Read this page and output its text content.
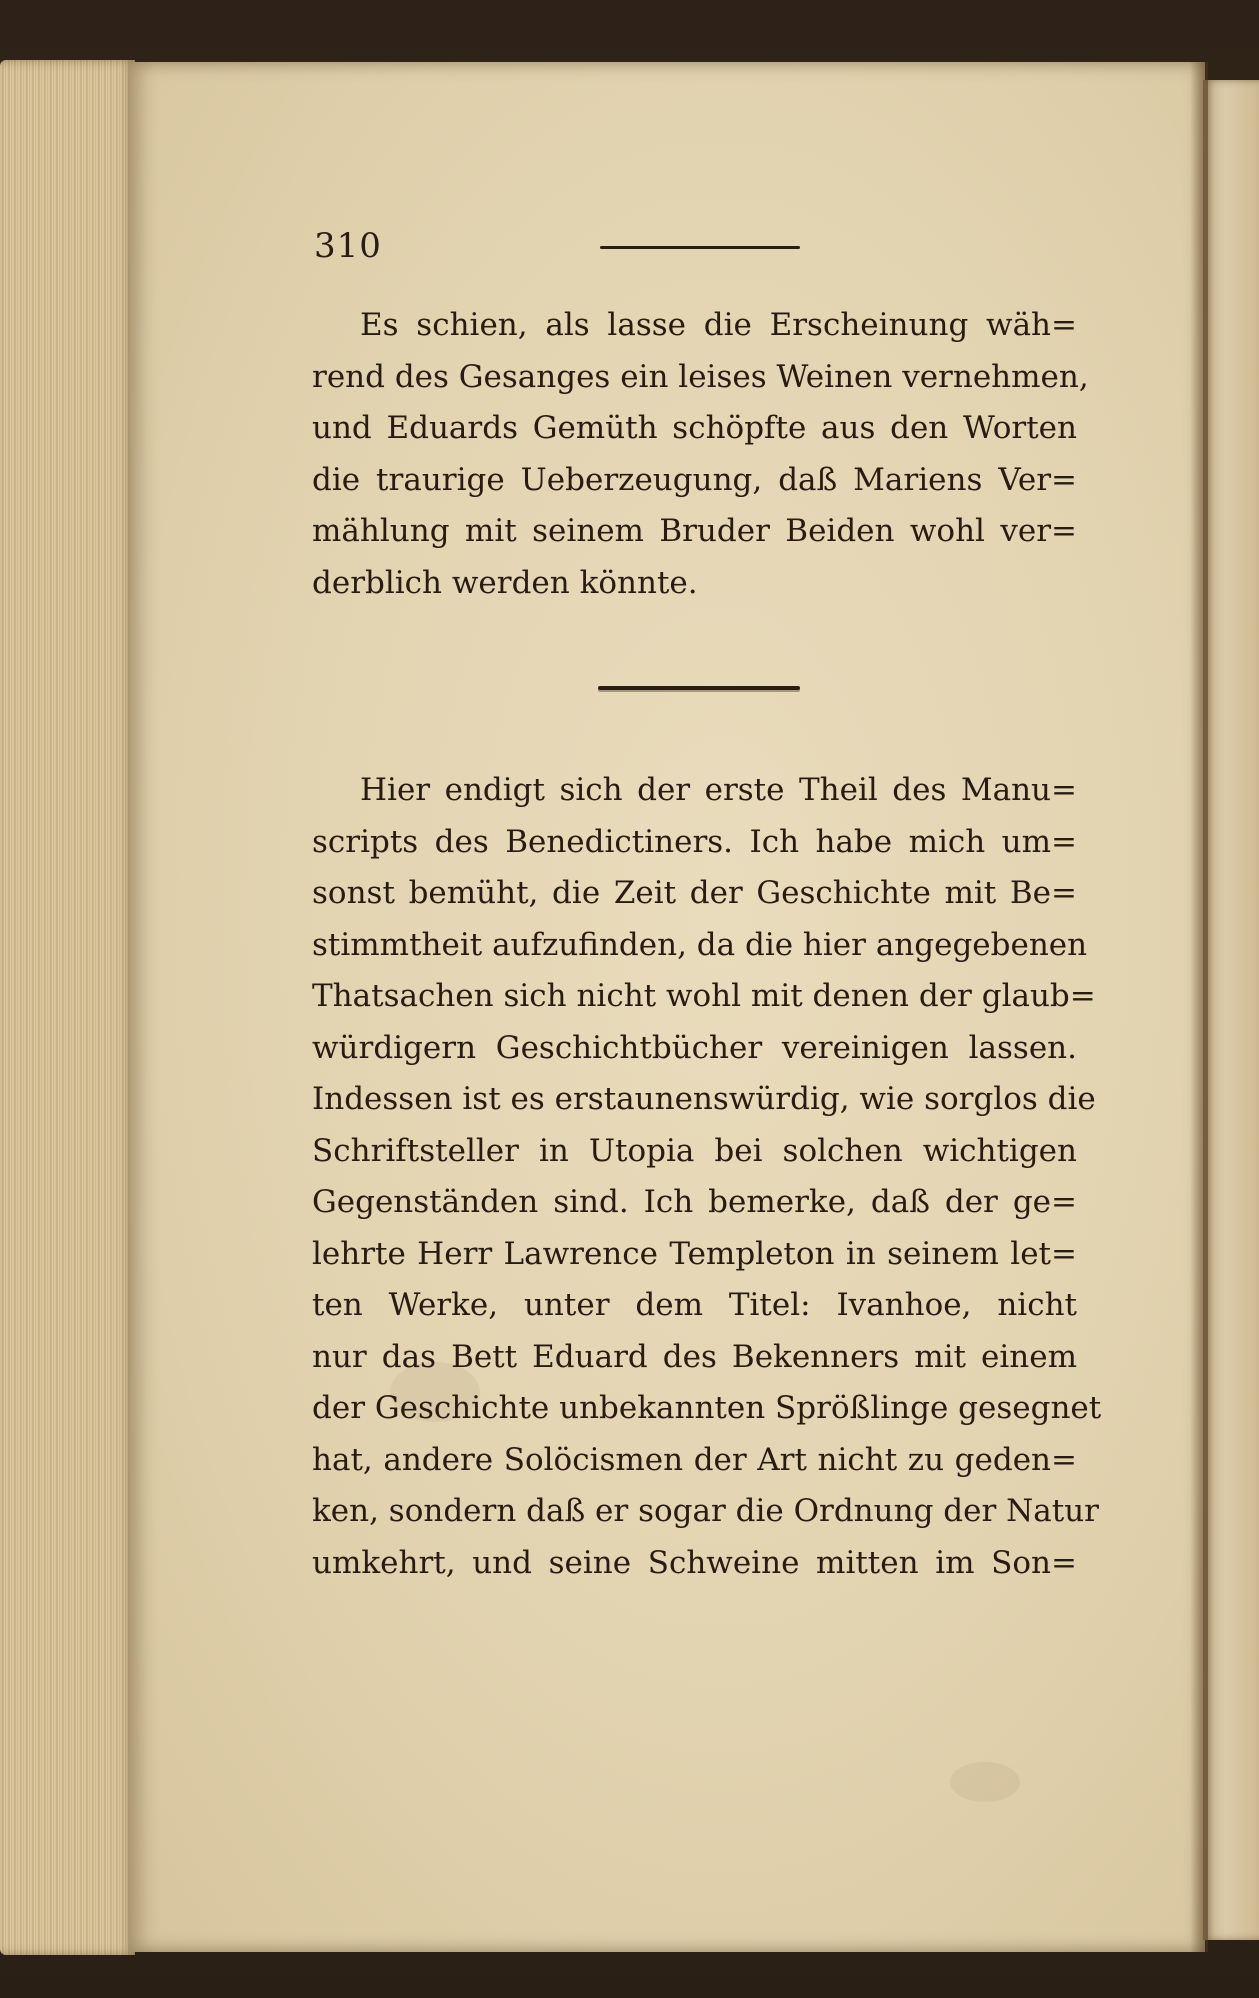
310
Es schien, als lasse die Erscheinung wäh=
rend des Gesanges ein leises Weinen vernehmen,
und Eduards Gemüth schöpfte aus den Worten
die traurige Ueberzeugung, daß Mariens Ver=
mählung mit seinem Bruder Beiden wohl ver=
derblich werden könnte.
Hier endigt sich der erste Theil des Manu=
scripts des Benedictiners. Ich habe mich um=
sonst bemüht, die Zeit der Geschichte mit Be=
stimmtheit aufzufinden, da die hier angegebenen
Thatsachen sich nicht wohl mit denen der glaub=
würdigern Geschichtbücher vereinigen lassen.
Indessen ist es erstaunenswürdig, wie sorglos die
Schriftsteller in Utopia bei solchen wichtigen
Gegenständen sind. Ich bemerke, daß der ge=
lehrte Herr Lawrence Templeton in seinem let=
ten Werke, unter dem Titel: Ivanhoe, nicht
nur das Bett Eduard des Bekenners mit einem
der Geschichte unbekannten Sprößlinge gesegnet
hat, andere Solöcismen der Art nicht zu geden=
ken, sondern daß er sogar die Ordnung der Natur
umkehrt, und seine Schweine mitten im Son=
